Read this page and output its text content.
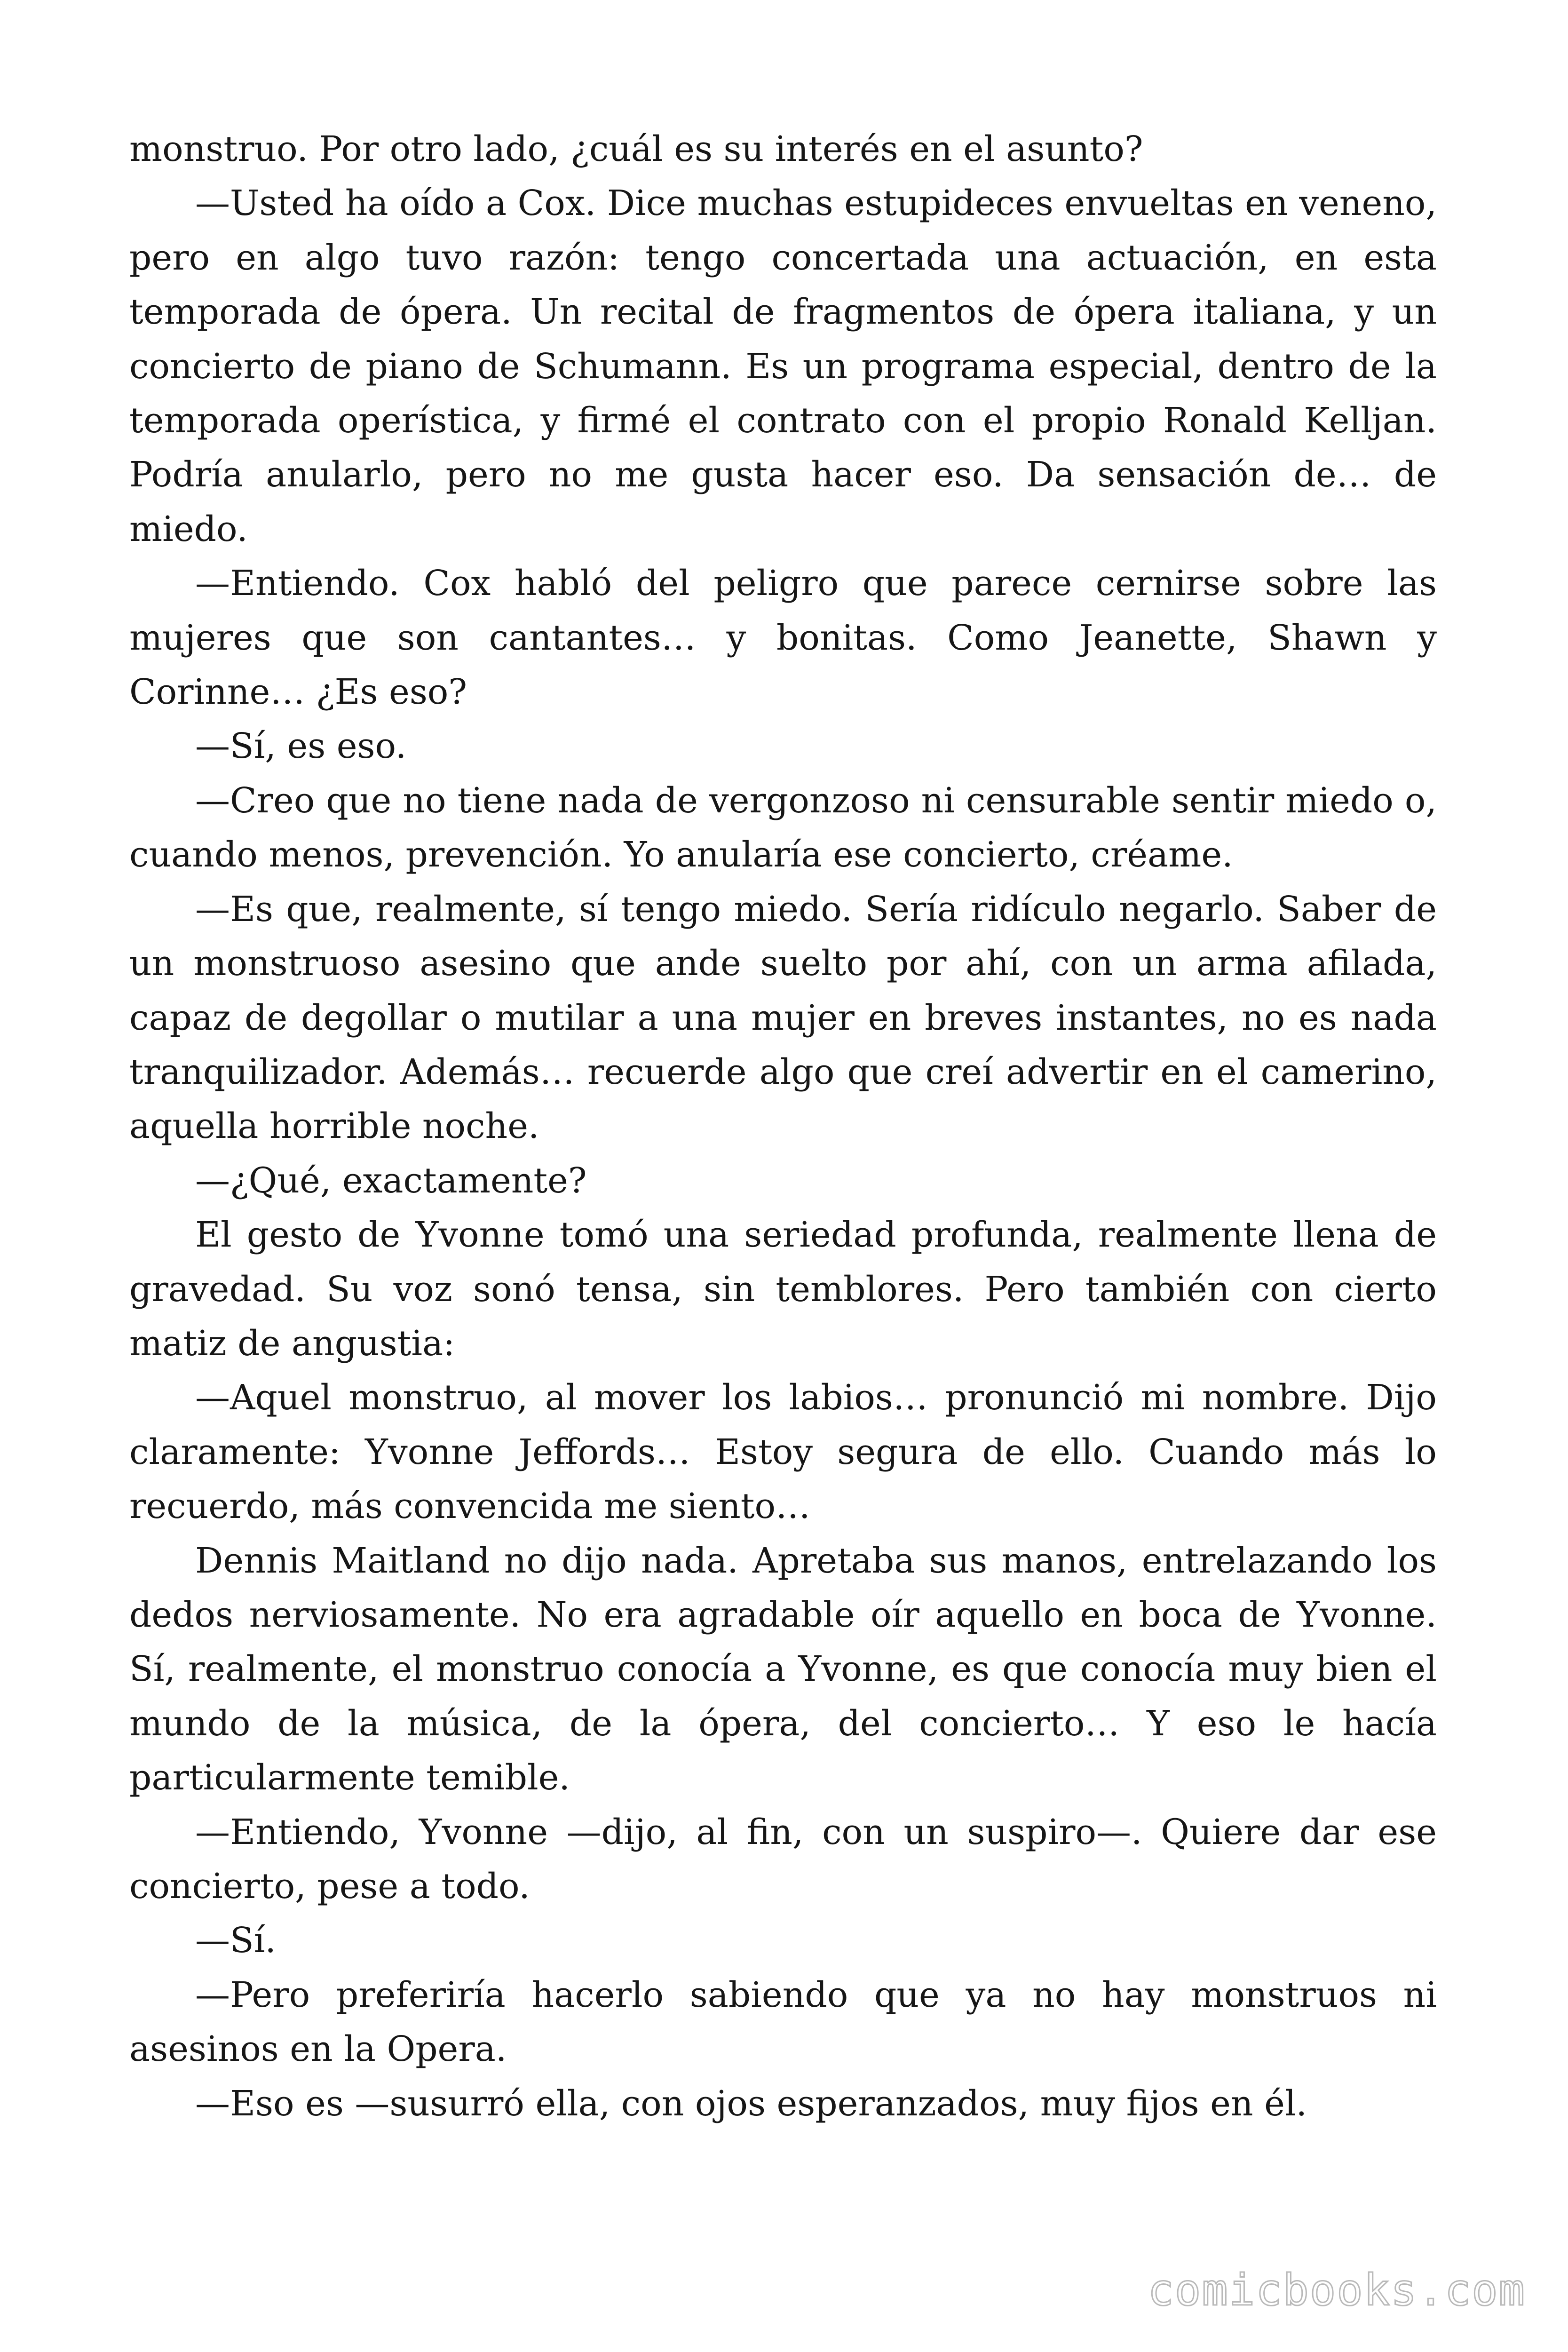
monstruo. Por otro lado, ¿cuál es su interés en el asunto?

—Usted ha oído a Cox. Dice muchas estupideces envueltas en veneno, pero en algo tuvo razón: tengo concertada una actuación, en esta temporada de ópera. Un recital de fragmentos de ópera italiana, y un concierto de piano de Schumann. Es un programa especial, dentro de la temporada operística, y firmé el contrato con el propio Ronald Kelljan. Podría anularlo, pero no me gusta hacer eso. Da sensación de… de miedo.

—Entiendo. Cox habló del peligro que parece cernirse sobre las mujeres que son cantantes… y bonitas. Como Jeanette, Shawn y Corinne… ¿Es eso?

—Sí, es eso.

—Creo que no tiene nada de vergonzoso ni censurable sentir miedo o, cuando menos, prevención. Yo anularía ese concierto, créame.

—Es que, realmente, sí tengo miedo. Sería ridículo negarlo. Saber de un monstruoso asesino que ande suelto por ahí, con un arma afilada, capaz de degollar o mutilar a una mujer en breves instantes, no es nada tranquilizador. Además… recuerde algo que creí advertir en el camerino, aquella horrible noche.

—¿Qué, exactamente?

El gesto de Yvonne tomó una seriedad profunda, realmente llena de gravedad. Su voz sonó tensa, sin temblores. Pero también con cierto matiz de angustia:

—Aquel monstruo, al mover los labios… pronunció mi nombre. Dijo claramente: Yvonne Jeffords… Estoy segura de ello. Cuando más lo recuerdo, más convencida me siento…

Dennis Maitland no dijo nada. Apretaba sus manos, entrelazando los dedos nerviosamente. No era agradable oír aquello en boca de Yvonne. Sí, realmente, el monstruo conocía a Yvonne, es que conocía muy bien el mundo de la música, de la ópera, del concierto… Y eso le hacía particularmente temible.

—Entiendo, Yvonne —dijo, al fin, con un suspiro—. Quiere dar ese concierto, pese a todo.

—Sí.

—Pero preferiría hacerlo sabiendo que ya no hay monstruos ni asesinos en la Opera.

—Eso es —susurró ella, con ojos esperanzados, muy fijos en él.

comicbooks.com
